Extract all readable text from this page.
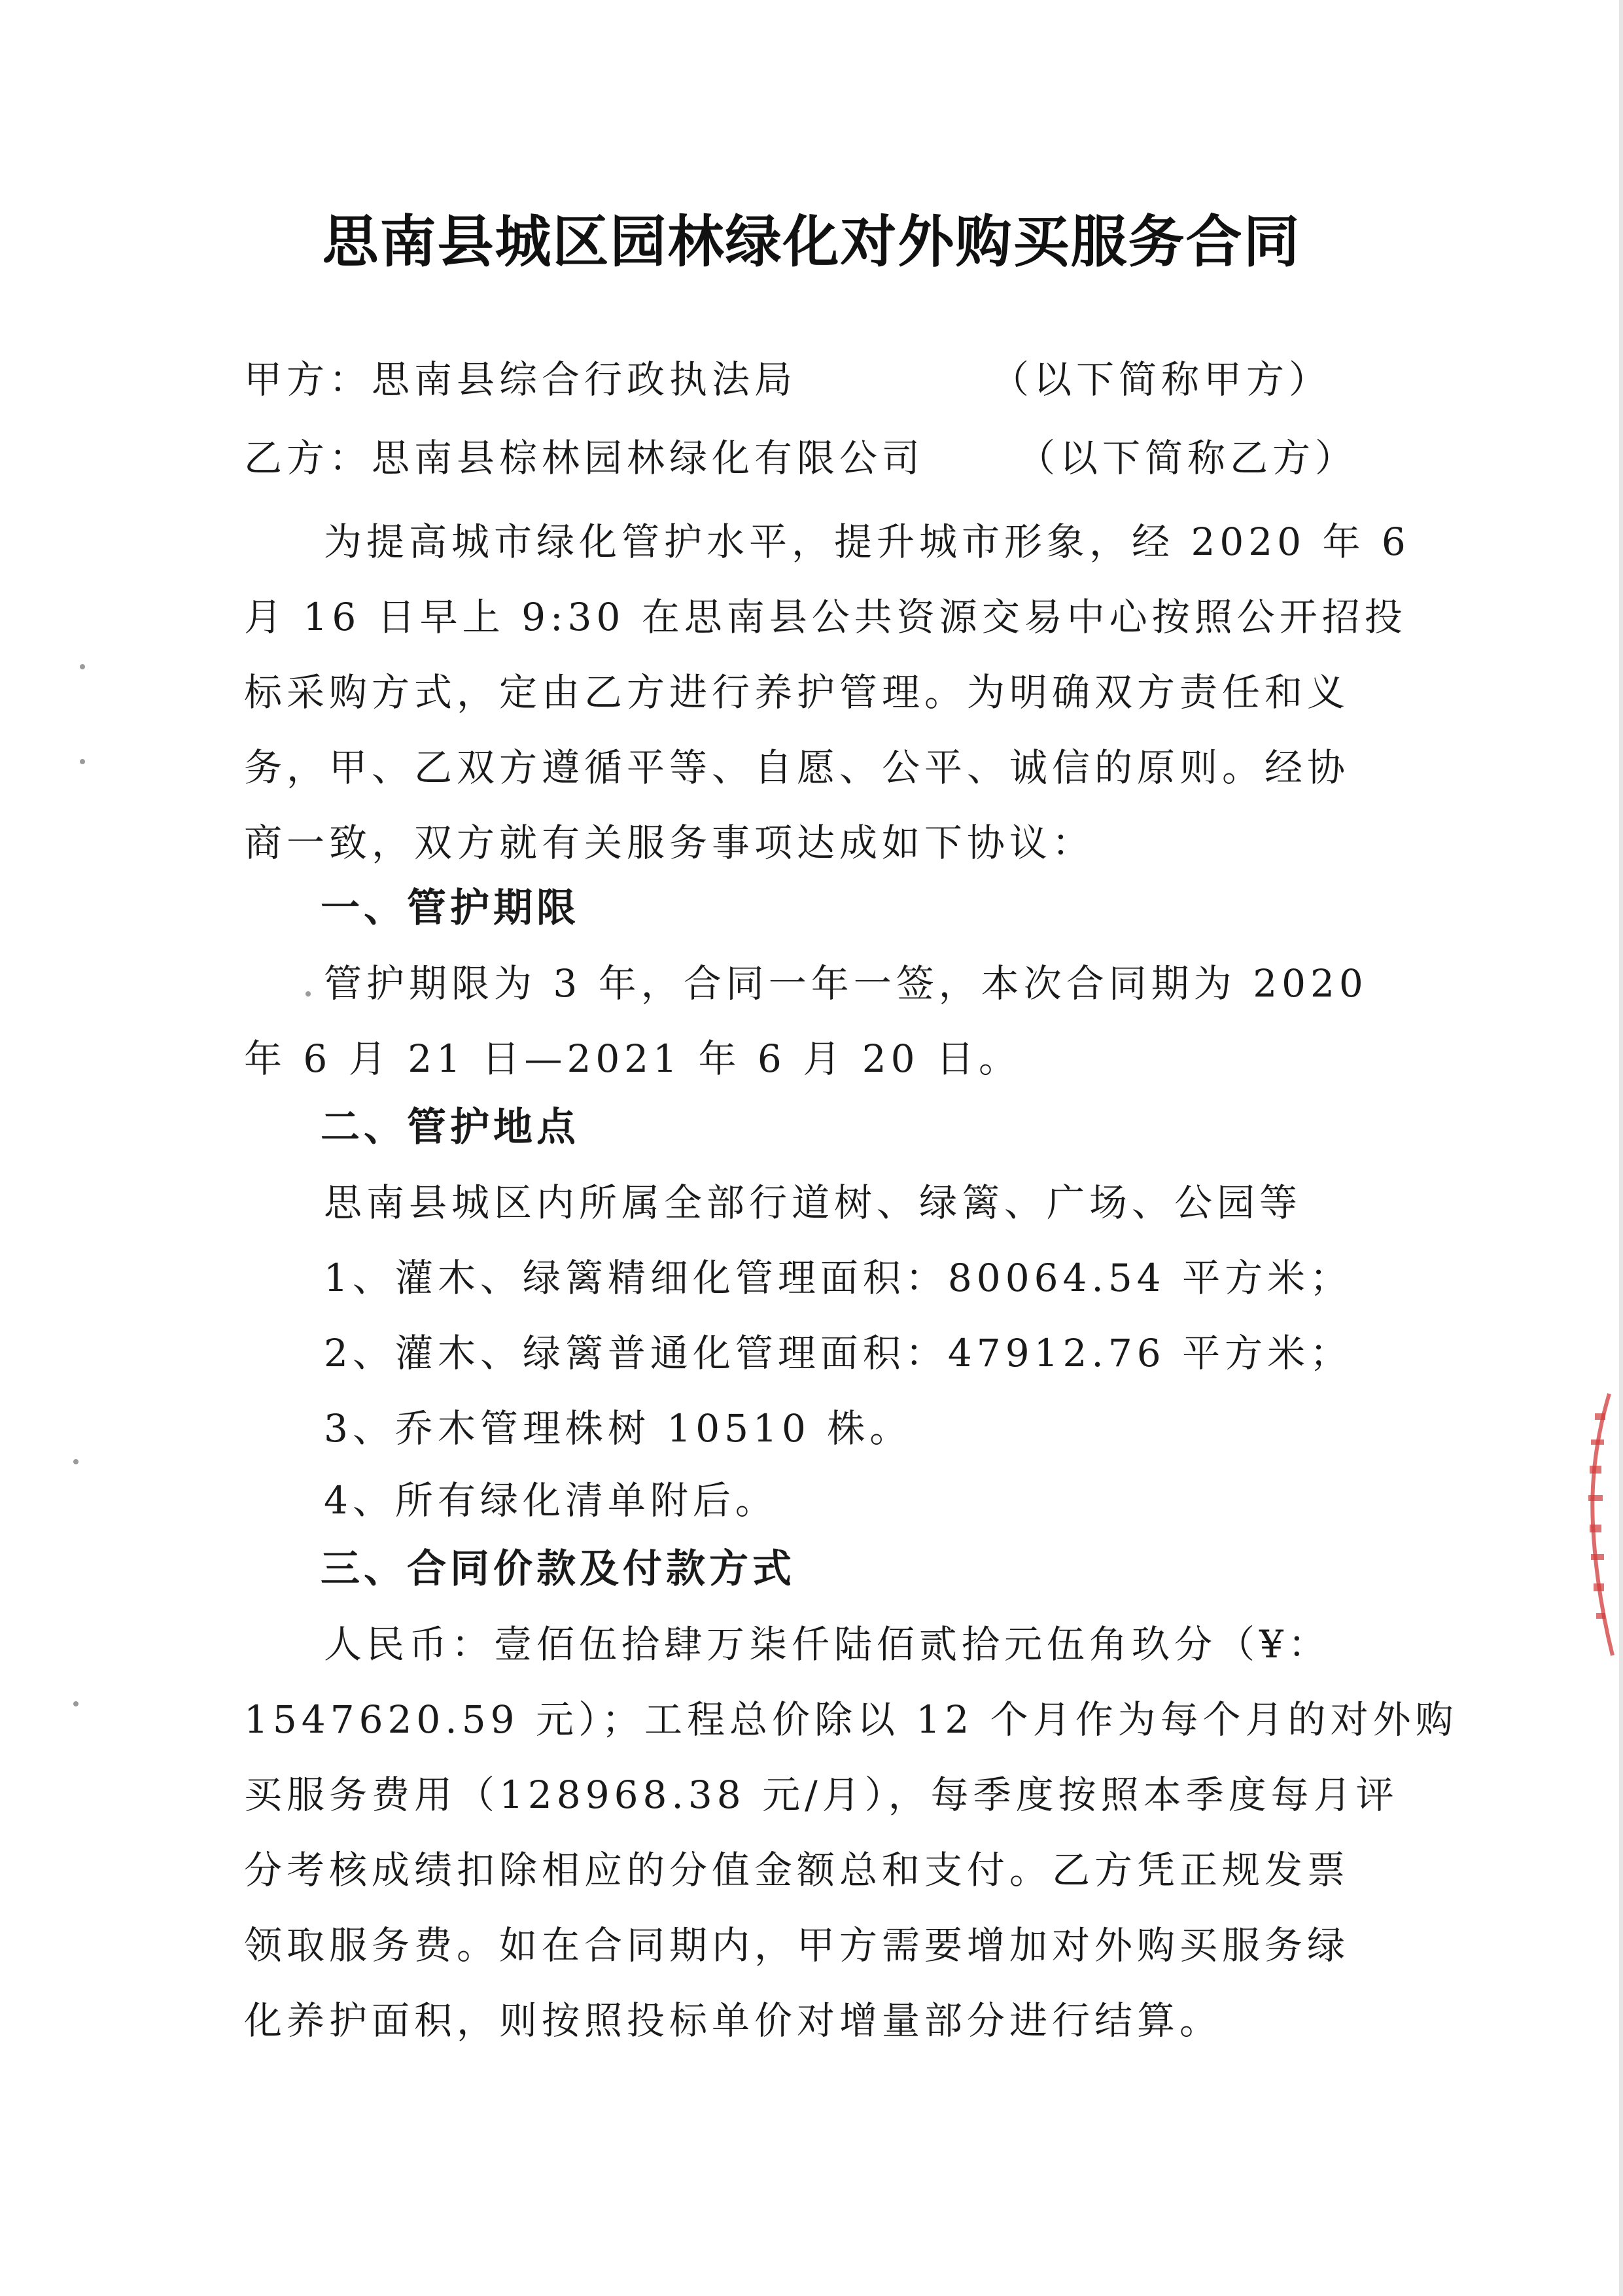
思南县城区园林绿化对外购买服务合同
甲方：思南县综合行政执法局	（以下简称甲方）
乙方：思南县棕林园林绿化有限公司 （以下简称乙方）
为提高城市绿化管护水平，提升城市形象，经 2020 年 6
月 16 日早上 9:30 在思南县公共资源交易中心按照公开招投
标采购方式，定由乙方进行养护管理。为明确双方责任和义
务，甲、乙双方遵循平等、自愿、公平、诚信的原则。经协
商一致，双方就有关服务事项达成如下协议：
一、管护期限
管护期限为 3 年，合同一年一签，本次合同期为 2020
年 6 月 21 日—2021 年 6 月 20 日。
二、管护地点
思南县城区内所属全部行道树、绿篱、广场、公园等
1、灌木、绿篱精细化管理面积：80064.54 平方米；
2、灌木、绿篱普通化管理面积：47912.76 平方米；
3、乔木管理株树 10510 株。
4、所有绿化清单附后。
三、合同价款及付款方式
人民币：壹佰伍拾肆万柒仟陆佰贰拾元伍角玖分（¥：
1547620.59 元）；工程总价除以 12 个月作为每个月的对外购
买服务费用（128968.38 元/月），每季度按照本季度每月评
分考核成绩扣除相应的分值金额总和支付。乙方凭正规发票
领取服务费。如在合同期内，甲方需要增加对外购买服务绿
化养护面积，则按照投标单价对增量部分进行结算。
